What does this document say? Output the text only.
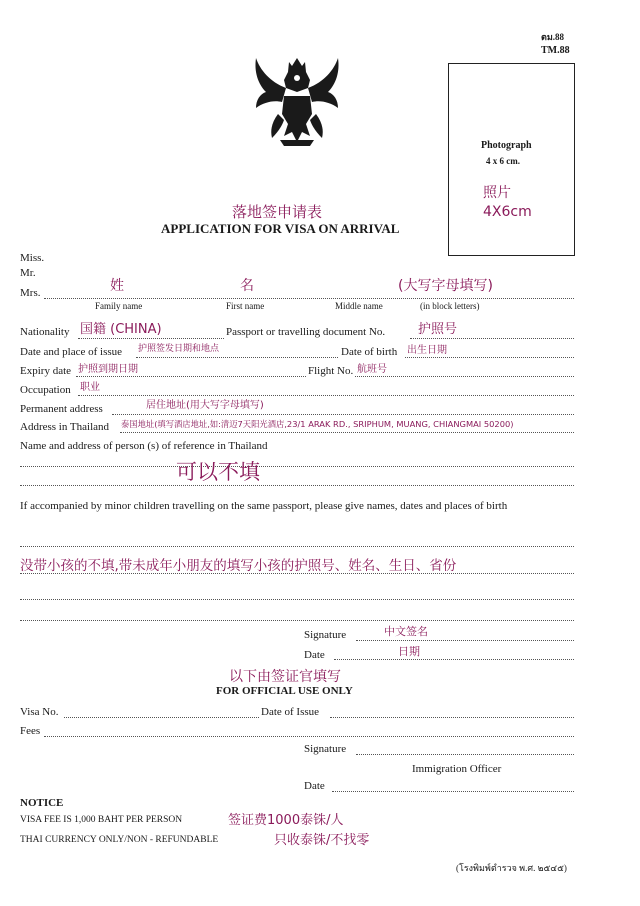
ตม.88
TM.88
Photograph
4 x 6 cm.
照片
4X6cm
落地签申请表
APPLICATION FOR VISA ON ARRIVAL
Miss.
Mr.
Mrs.	姓	名	(大写字母填写)
Family name	First name	Middle name	(in block letters)
Nationality 国籍 (CHINA)	Passport or travelling document No.	护照号
Date and place of issue 护照签发日期和地点	Date of birth 出生日期
Expiry date 护照到期日期	Flight No. 航班号
Occupation 职业
Permanent address	居住地址(用大写字母填写)
Address in Thailand 泰国地址(填写酒店地址,如:清迈7天阳光酒店,23/1 ARAK RD., SRIPHUM, MUANG, CHIANGMAI 50200)
Name and address of person (s) of reference in Thailand
可以不填
If accompanied by minor children travelling on the same passport, please give names, dates and places of birth
没带小孩的不填,带未成年小朋友的填写小孩的护照号、姓名、生日、省份
Signature	中文签名
Date	日期
以下由签证官填写
FOR OFFICIAL USE ONLY
Visa No.	Date of Issue
Fees
Signature
Immigration Officer
Date
NOTICE
VISA FEE IS 1,000 BAHT PER PERSON	签证费1000泰铢/人
THAI CURRENCY ONLY/NON - REFUNDABLE	只收泰铢/不找零
(โรงพิมพ์ตำรวจ พ.ศ. ๒๕๔๕)
